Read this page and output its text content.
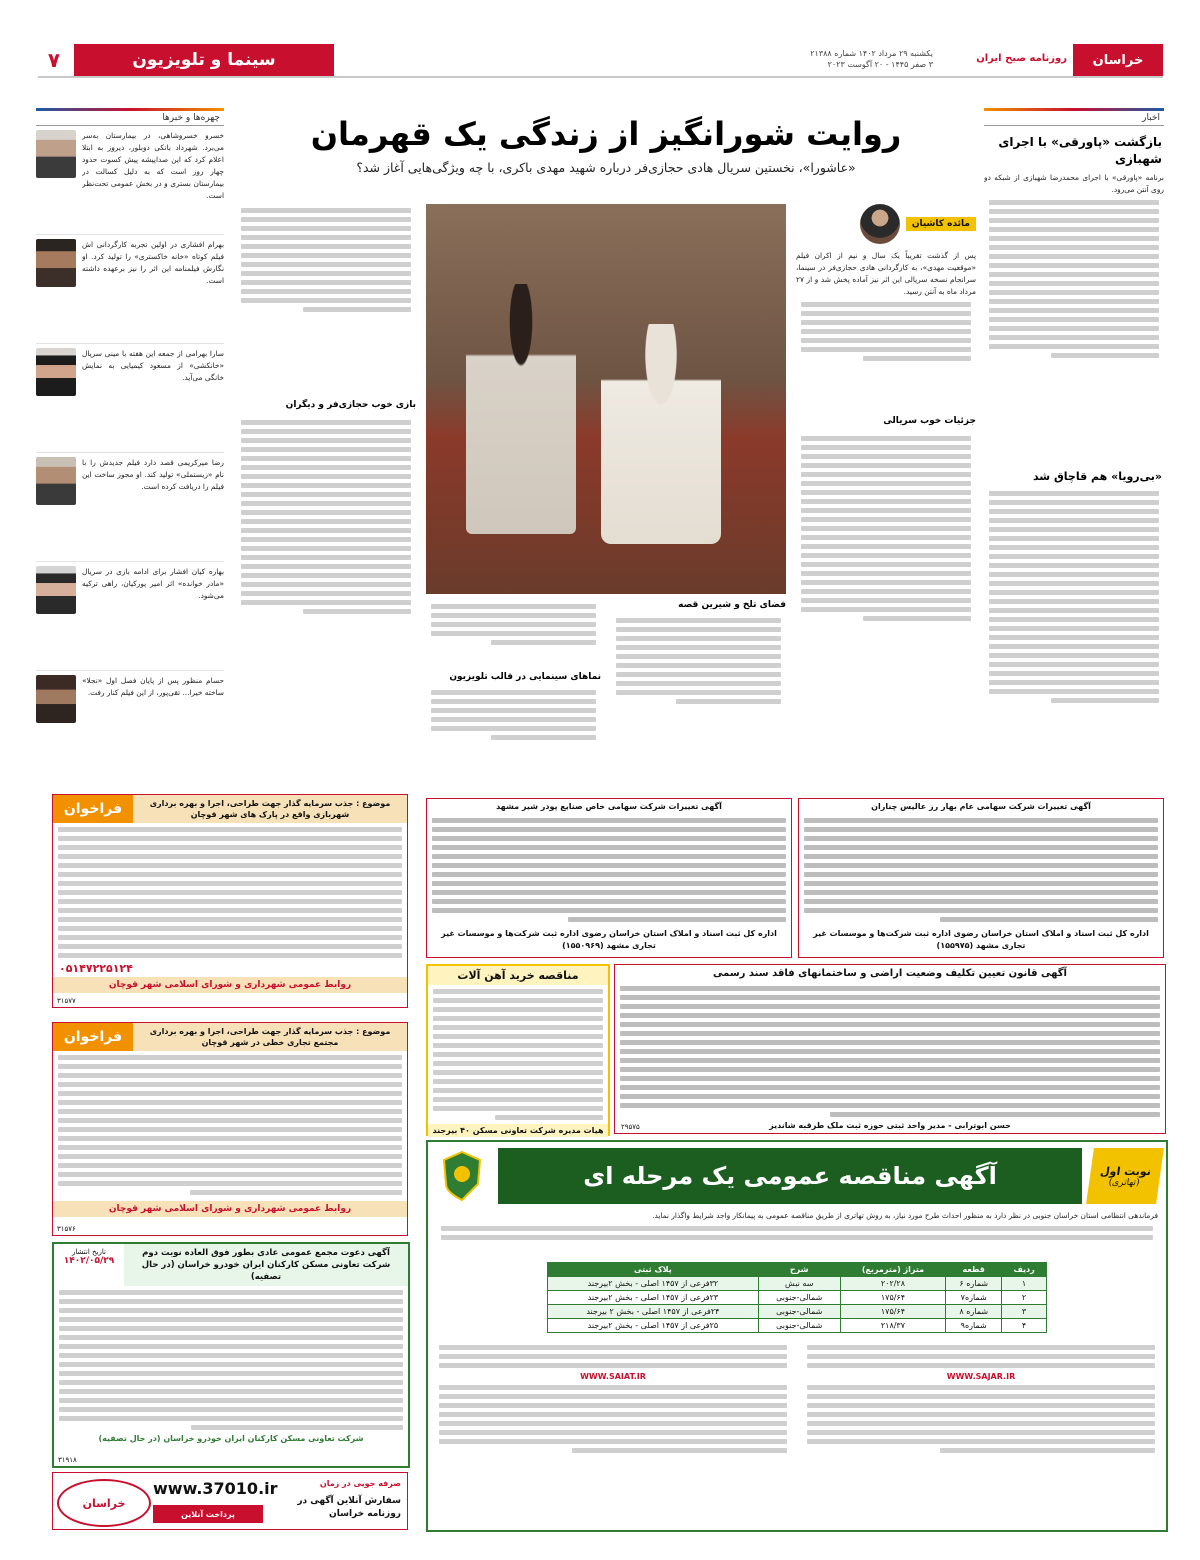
خراسان
روزنامه صبح ایران
یکشنبه ۲۹ مرداد ۱۴۰۲ شماره ۲۱۳۸۸
۳ صفر ۱۴۴۵ - ۲۰ آگوست ۲۰۲۳
سینما و تلویزیون
۷
اخبار
بازگشت «پاورقی» با اجرای شهبازی
برنامه «پاورقی» با اجرای محمدرضا شهبازی از شبکه دو روی آنتن می‌رود.
«بی‌رویا» هم قاچاق شد
روایت شورانگیز از زندگی یک قهرمان
«عاشورا»، نخستین سریال هادی حجازی‌فر درباره شهید مهدی باکری، با چه ویژگی‌هایی آغاز شد؟
مائده کاشیان
پس از گذشت تقریباً یک سال و نیم از اکران فیلم «موقعیت مهدی»، به کارگردانی هادی حجازی‌فر در سینما، سرانجام نسخه سریالی این اثر نیز آماده پخش شد و از ۲۷ مرداد ماه به آنتن رسید.
جزئیات خوب سریالی
فضای تلخ و شیرین قصه
نماهای سینمایی در قالب تلویزیون
بازی خوب حجازی‌فر و دیگران
چهره‌ها و خبرها
خسرو خسروشاهی، در بیمارستان به‌سر می‌برد. شهرداد بانکی دوبلور، دیروز به ابتلا اعلام کرد که این صداپیشه پیش کسوت حدود چهار روز است که به دلیل کسالت در بیمارستان بستری و در بخش عمومی تحت‌نظر است.
بهرام افشاری در اولین تجربه کارگردانی اش فیلم کوتاه «خانه خاکستری» را تولید کرد. او نگارش فیلمنامه این اثر را نیز برعهده داشته است.
سارا بهرامی از جمعه این هفته با مینی سریال «خانکشی» از مسعود کیمیایی به نمایش خانگی می‌آید.
رضا میرکریمی قصد دارد فیلم جدیدش را با نام «زیستملی» تولید کند. او مجوز ساخت این فیلم را دریافت کرده است.
بهاره کیان افشار برای ادامه بازی در سریال «مادر خوانده» اثر امیر پورکیان، راهی ترکیه می‌شود.
حسام منظور پس از پایان فصل اول «نجلا» ساخته خیرا... تقی‌پور، از این فیلم کنار رفت.
موضوع : جذب سرمایه گذار جهت طراحی، اجرا و بهره برداری شهربازی واقع در پارک های شهر قوچان
فراخوان
۰۵۱۴۷۲۲۵۱۲۴
روابط عمومی شهرداری و شورای اسلامی شهر قوچان
۳۱۵۷۷
آگهی تغییرات شرکت سهامی خاص صنایع پودر شیر مشهد
اداره کل ثبت اسناد و املاک استان خراسان رضوی اداره ثبت شرکت‌ها و موسسات غیر تجاری مشهد (۱۵۵۰۹۶۹)
آگهی تغییرات شرکت سهامی عام بهار رز عالیس چناران
اداره کل ثبت اسناد و املاک استان خراسان رضوی اداره ثبت شرکت‌ها و موسسات غیر تجاری مشهد (۱۵۵۹۷۵)
مناقصه خرید آهن آلات
هیات مدیره شرکت تعاونی مسکن ۴۰ بیرجند
آگهی قانون تعیین تکلیف وضعیت اراضی و ساختمانهای فاقد سند رسمی
حسن ابوترابی - مدیر واحد ثبتی حوزه ثبت ملک طرقبه شاندیز
۲۹۵۷۵
موضوع : جذب سرمایه گذار جهت طراحی، اجرا و بهره برداری مجتمع تجاری خطی در شهر قوچان
فراخوان
روابط عمومی شهرداری و شورای اسلامی شهر قوچان
۳۱۵۷۶
آگهی دعوت مجمع عمومی عادی بطور فوق العاده نوبت دوم شرکت تعاونی مسکن کارکنان ایران خودرو خراسان (در حال تصفیه)
تاریخ انتشار
۱۴۰۲/۰۵/۲۹
شرکت تعاونی مسکن کارکنان ایران خودرو خراسان (در حال تصفیه)
۳۱۹۱۸
خراسان
www.37010.ir
پرداخت آنلاین
صرفه جویی در زمان
سفارش آنلاین آگهی در روزنامه خراسان
نوبت اول
(تهاتری)
آگهی مناقصه عمومی یک مرحله ای
فرماندهی انتظامی استان خراسان جنوبی در نظر دارد به منظور احداث طرح مورد نیاز، به روش تهاتری از طریق مناقصه عمومی به پیمانکار واجد شرایط واگذار نماید.
ردیف	قطعه	متراژ (مترمربع)	شرح	پلاک ثبتی
۱	شماره ۶	۲۰۲/۲۸	سه نبش	۳۲فرعی از ۱۴۵۷ اصلی - بخش ۲بیرجند
۲	شماره۷	۱۷۵/۶۴	شمالی-جنوبی	۲۳فرعی از ۱۴۵۷ اصلی - بخش ۲بیرجند
۳	شماره ۸	۱۷۵/۶۴	شمالی-جنوبی	۲۴فرعی از ۱۴۵۷ اصلی - بخش ۲ بیرجند
۴	شماره۹	۲۱۸/۳۷	شمالی-جنوبی	۲۵فرعی از ۱۴۵۷ اصلی - بخش ۲بیرجند
WWW.SAJAR.IR
WWW.SAIAT.IR
